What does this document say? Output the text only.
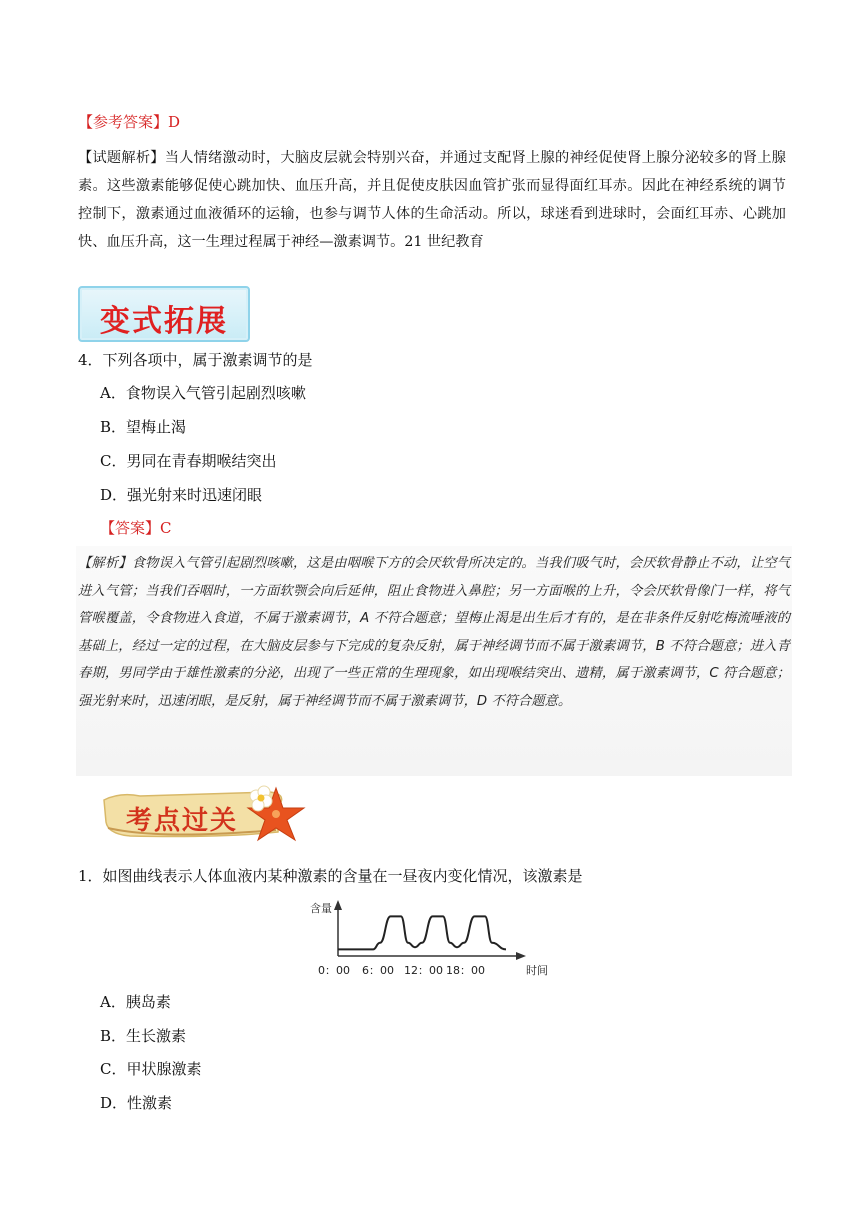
【参考答案】D
【试题解析】当人情绪激动时，大脑皮层就会特别兴奋，并通过支配肾上腺的神经促使肾上腺分泌较多的肾上腺素。这些激素能够促使心跳加快、血压升高，并且促使皮肤因血管扩张而显得面红耳赤。因此在神经系统的调节控制下，激素通过血液循环的运输，也参与调节人体的生命活动。所以，球迷看到进球时，会面红耳赤、心跳加快、血压升高，这一生理过程属于神经—激素调节。21 世纪教育
变式拓展
4．下列各项中，属于激素调节的是
A．食物误入气管引起剧烈咳嗽
B．望梅止渴
C．男同在青春期喉结突出
D．强光射来时迅速闭眼
【答案】C
【解析】食物误入气管引起剧烈咳嗽，这是由咽喉下方的会厌软骨所决定的。当我们吸气时，会厌软骨静止不动，让空气进入气管；当我们吞咽时，一方面软颚会向后延伸，阻止食物进入鼻腔；另一方面喉的上升，令会厌软骨像门一样，将气管喉覆盖，令食物进入食道，不属于激素调节，A 不符合题意；望梅止渴是出生后才有的，是在非条件反射吃梅流唾液的基础上，经过一定的过程，在大脑皮层参与下完成的复杂反射，属于神经调节而不属于激素调节，B 不符合题意；进入青春期，男同学由于雄性激素的分泌，出现了一些正常的生理现象，如出现喉结突出、遗精，属于激素调节，C 符合题意；强光射来时，迅速闭眼，是反射，属于神经调节而不属于激素调节，D 不符合题意。
考点过关
1．如图曲线表示人体血液内某种激素的含量在一昼夜内变化情况，该激素是
含量
时间
0：00 6：00 12：00 18：00
A．胰岛素
B．生长激素
C．甲状腺激素
D．性激素
